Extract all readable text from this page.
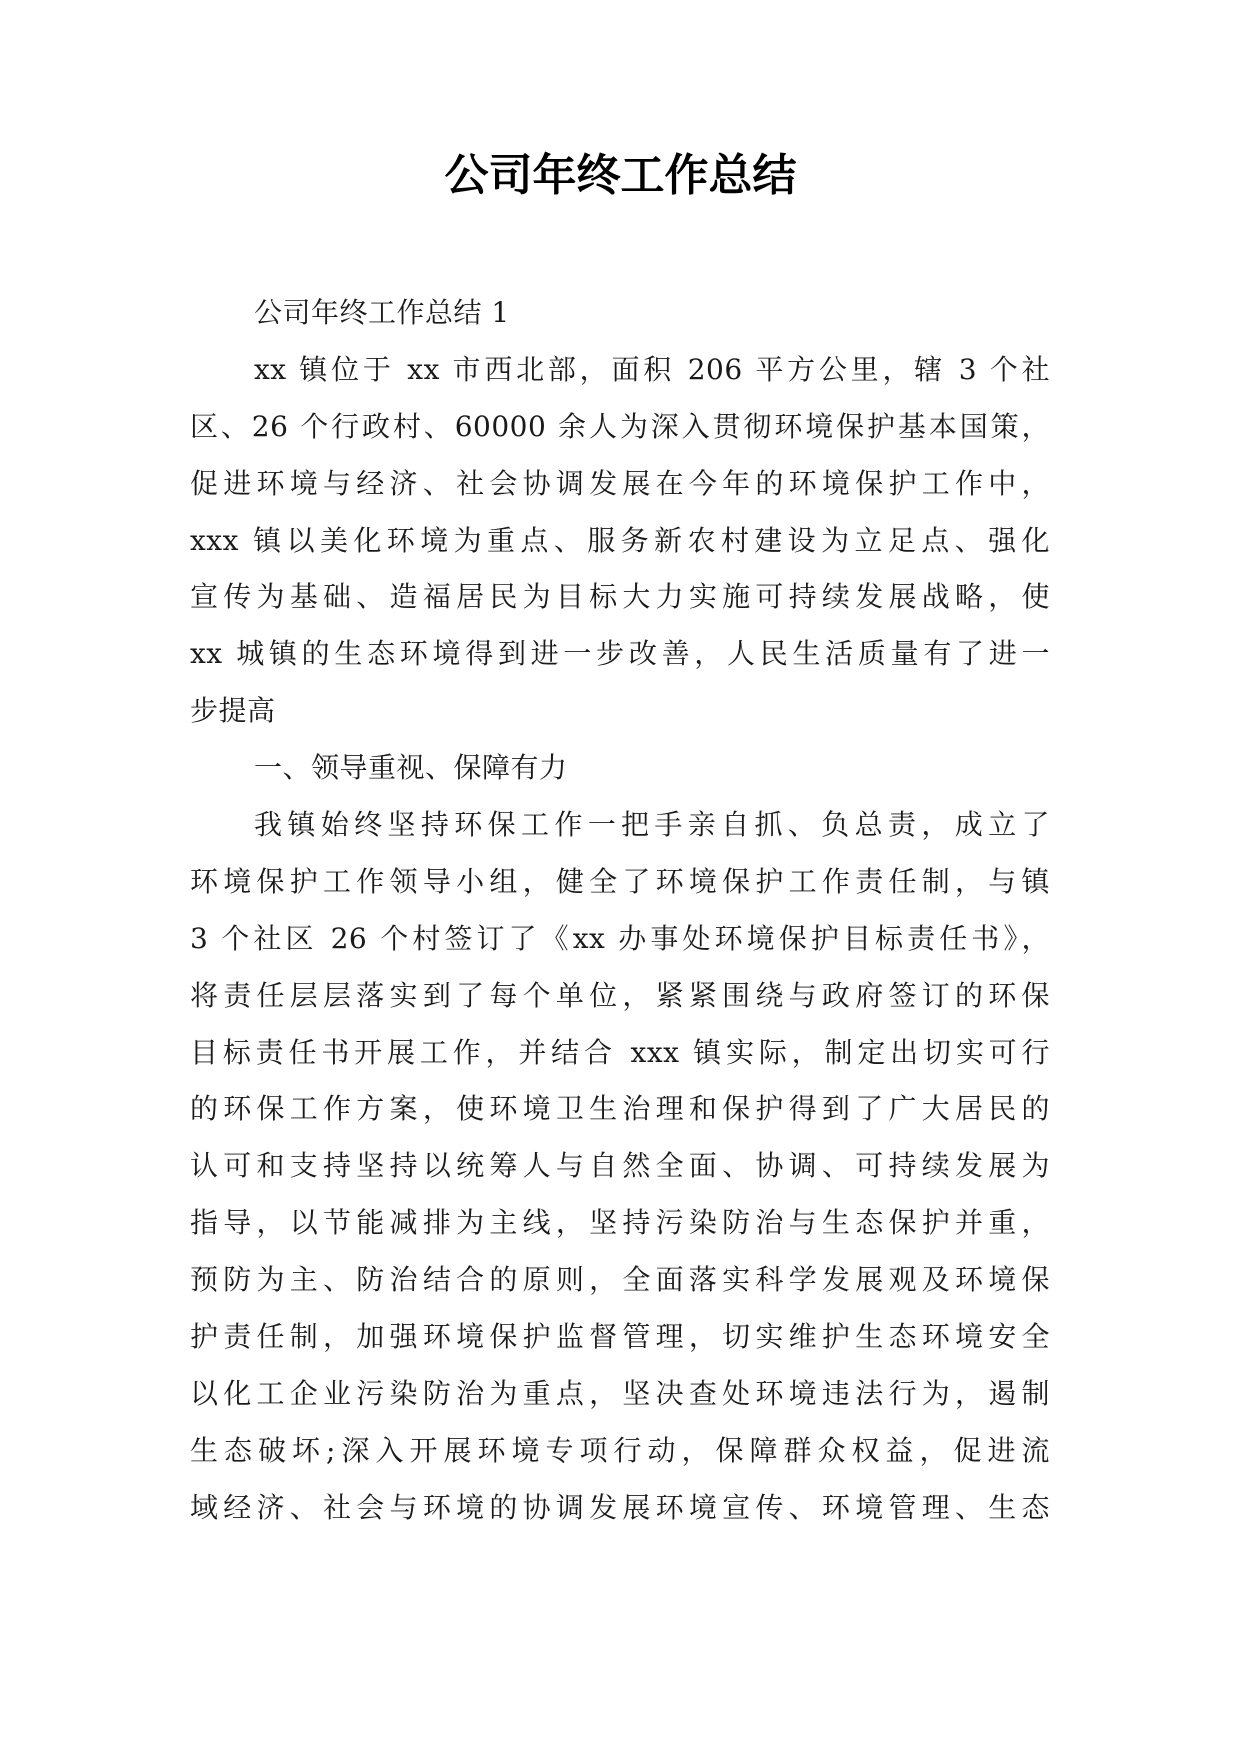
公司年终工作总结
公司年终工作总结 1
xx 镇位于 xx 市西北部，面积 206 平方公里，辖 3 个社
区、26 个行政村、60000 余人为深入贯彻环境保护基本国策，
促进环境与经济、社会协调发展在今年的环境保护工作中，
xxx 镇以美化环境为重点、服务新农村建设为立足点、强化
宣传为基础、造福居民为目标大力实施可持续发展战略，使
xx 城镇的生态环境得到进一步改善，人民生活质量有了进一
步提高
一、领导重视、保障有力
我镇始终坚持环保工作一把手亲自抓、负总责，成立了
环境保护工作领导小组，健全了环境保护工作责任制，与镇
3 个社区 26 个村签订了《xx 办事处环境保护目标责任书》，
将责任层层落实到了每个单位，紧紧围绕与政府签订的环保
目标责任书开展工作，并结合 xxx 镇实际，制定出切实可行
的环保工作方案，使环境卫生治理和保护得到了广大居民的
认可和支持坚持以统筹人与自然全面、协调、可持续发展为
指导，以节能减排为主线，坚持污染防治与生态保护并重，
预防为主、防治结合的原则，全面落实科学发展观及环境保
护责任制，加强环境保护监督管理，切实维护生态环境安全
以化工企业污染防治为重点，坚决查处环境违法行为，遏制
生态破坏;深入开展环境专项行动，保障群众权益，促进流
域经济、社会与环境的协调发展环境宣传、环境管理、生态
